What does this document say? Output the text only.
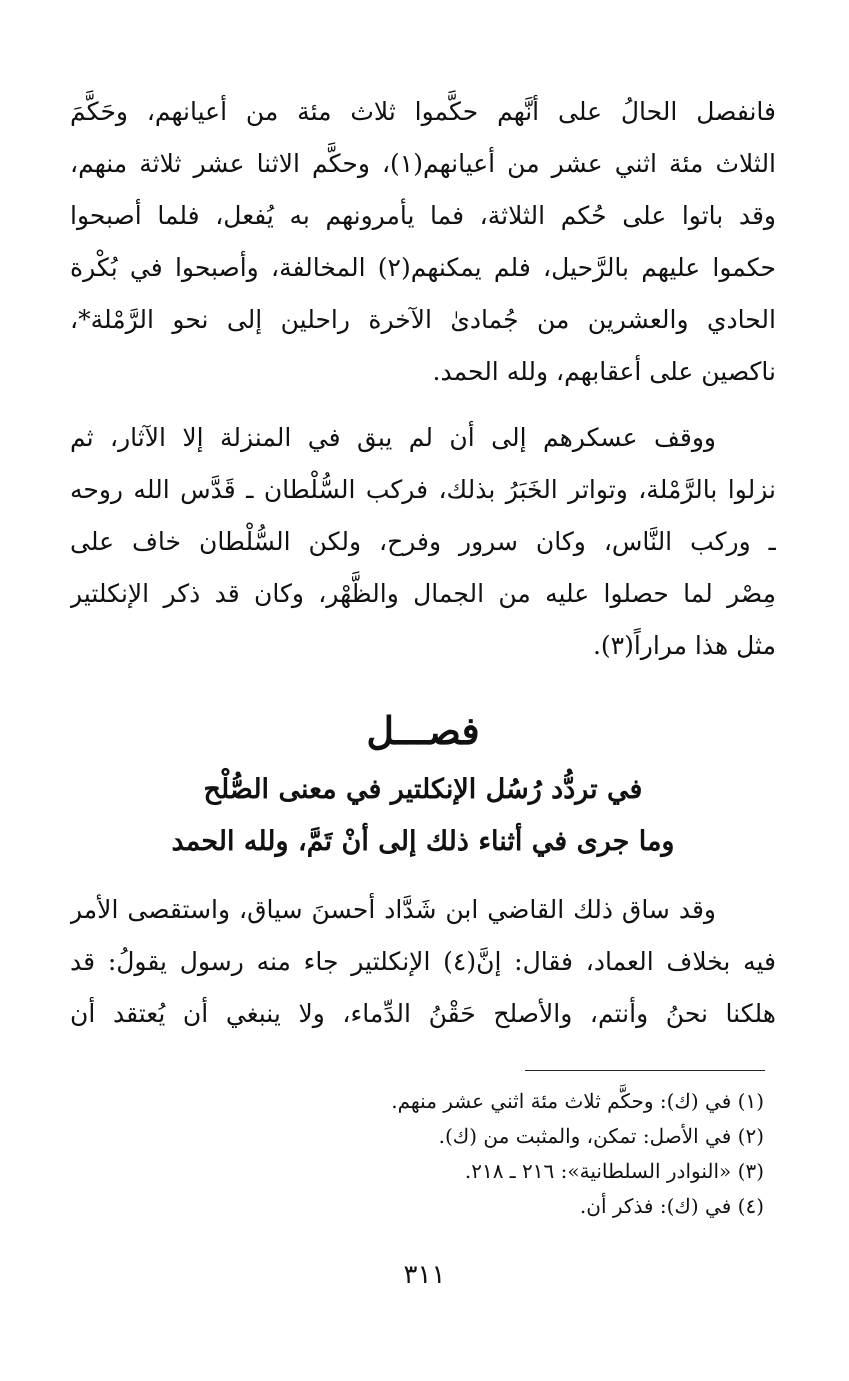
فانفصل الحالُ على أنَّهم حكَّموا ثلاث مئة من أعيانهم، وحَكَّمَ
الثلاث مئة اثني عشر من أعيانهم(١)، وحكَّم الاثنا عشر ثلاثة منهم،
وقد باتوا على حُكم الثلاثة، فما يأمرونهم به يُفعل، فلما أصبحوا
حكموا عليهم بالرَّحيل، فلم يمكنهم(٢) المخالفة، وأصبحوا في بُكْرة
الحادي والعشرين من جُمادىٰ الآخرة راحلين إلى نحو الرَّمْلة*،
ناكصين على أعقابهم، ولله الحمد.
ووقف عسكرهم إلى أن لم يبق في المنزلة إلا الآثار، ثم
نزلوا بالرَّمْلة، وتواتر الخَبَرُ بذلك، فركب السُّلْطان ـ قَدَّس الله روحه
ـ وركب النَّاس، وكان سرور وفرح، ولكن السُّلْطان خاف على
مِصْر لما حصلوا عليه من الجمال والظَّهْر، وكان قد ذكر الإنكلتير
مثل هذا مراراً(٣).
فصـــل
في تردُّد رُسُل الإنكلتير في معنى الصُّلْح
وما جرى في أثناء ذلك إلى أنْ تَمَّ، ولله الحمد
وقد ساق ذلك القاضي ابن شَدَّاد أحسنَ سياق، واستقصى الأمر
فيه بخلاف العماد، فقال: إنَّ(٤) الإنكلتير جاء منه رسول يقولُ: قد
هلكنا نحنُ وأنتم، والأصلح حَقْنُ الدِّماء، ولا ينبغي أن يُعتقد أن
(١) في (ك): وحكَّم ثلاث مئة اثني عشر منهم.
(٢) في الأصل: تمكن، والمثبت من (ك).
(٣) «النوادر السلطانية»: ٢١٦ ـ ٢١٨.
(٤) في (ك): فذكر أن.
٣١١
